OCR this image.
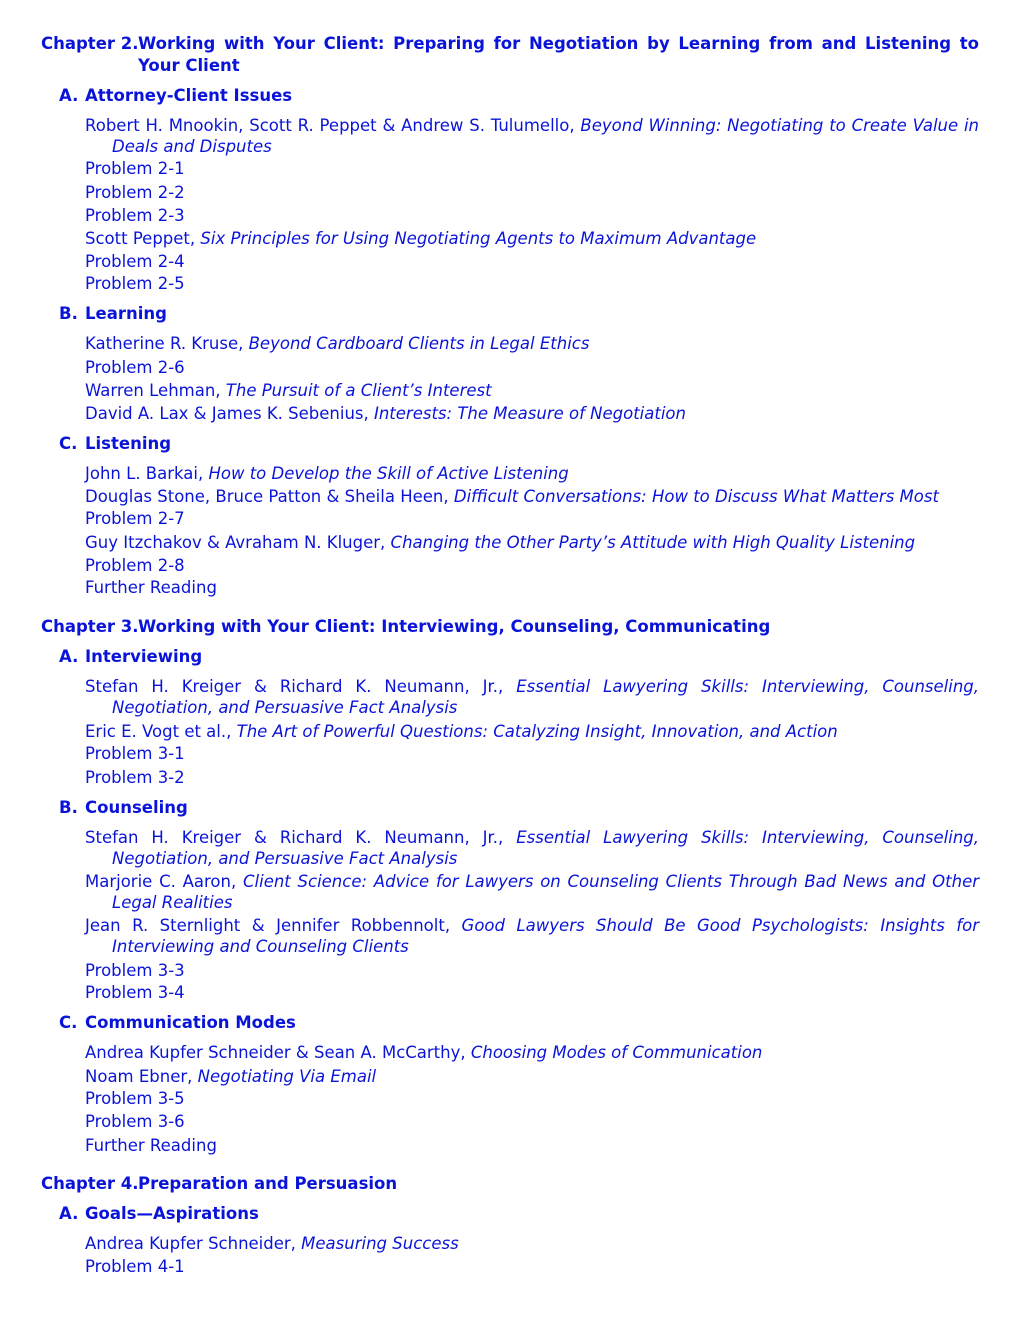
Chapter 2. Working with Your Client: Preparing for Negotiation by Learning from and Listening to Your Client
A. Attorney-Client Issues
Robert H. Mnookin, Scott R. Peppet & Andrew S. Tulumello, Beyond Winning: Negotiating to Create Value in Deals and Disputes
Problem 2-1
Problem 2-2
Problem 2-3
Scott Peppet, Six Principles for Using Negotiating Agents to Maximum Advantage
Problem 2-4
Problem 2-5
B. Learning
Katherine R. Kruse, Beyond Cardboard Clients in Legal Ethics
Problem 2-6
Warren Lehman, The Pursuit of a Client’s Interest
David A. Lax & James K. Sebenius, Interests: The Measure of Negotiation
C. Listening
John L. Barkai, How to Develop the Skill of Active Listening
Douglas Stone, Bruce Patton & Sheila Heen, Difficult Conversations: How to Discuss What Matters Most
Problem 2-7
Guy Itzchakov & Avraham N. Kluger, Changing the Other Party’s Attitude with High Quality Listening
Problem 2-8
Further Reading
Chapter 3. Working with Your Client: Interviewing, Counseling, Communicating
A. Interviewing
Stefan H. Kreiger & Richard K. Neumann, Jr., Essential Lawyering Skills: Interviewing, Counseling, Negotiation, and Persuasive Fact Analysis
Eric E. Vogt et al., The Art of Powerful Questions: Catalyzing Insight, Innovation, and Action
Problem 3-1
Problem 3-2
B. Counseling
Stefan H. Kreiger & Richard K. Neumann, Jr., Essential Lawyering Skills: Interviewing, Counseling, Negotiation, and Persuasive Fact Analysis
Marjorie C. Aaron, Client Science: Advice for Lawyers on Counseling Clients Through Bad News and Other Legal Realities
Jean R. Sternlight & Jennifer Robbennolt, Good Lawyers Should Be Good Psychologists: Insights for Interviewing and Counseling Clients
Problem 3-3
Problem 3-4
C. Communication Modes
Andrea Kupfer Schneider & Sean A. McCarthy, Choosing Modes of Communication
Noam Ebner, Negotiating Via Email
Problem 3-5
Problem 3-6
Further Reading
Chapter 4. Preparation and Persuasion
A. Goals—Aspirations
Andrea Kupfer Schneider, Measuring Success
Problem 4-1
